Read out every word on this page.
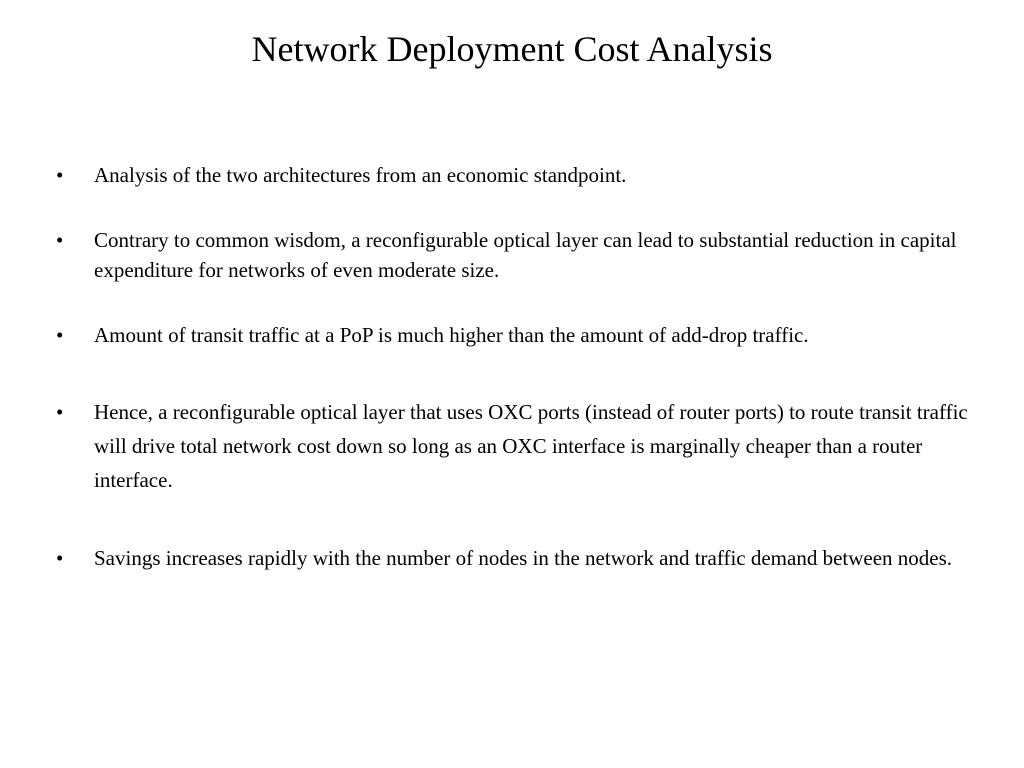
Network Deployment Cost Analysis
•	Analysis of the two architectures from an economic standpoint.
•	Contrary to common wisdom, a reconfigurable optical layer can lead to substantial reduction in capital expenditure for networks of even moderate size.
•	Amount of transit traffic at a PoP is much higher than the amount of add-drop traffic.
•	Hence, a reconfigurable optical layer that uses OXC ports (instead of router ports) to route transit traffic will drive total network cost down so long as an OXC interface is marginally cheaper than a router interface.
•	Savings increases rapidly with the number of nodes in the network and traffic demand between nodes.
